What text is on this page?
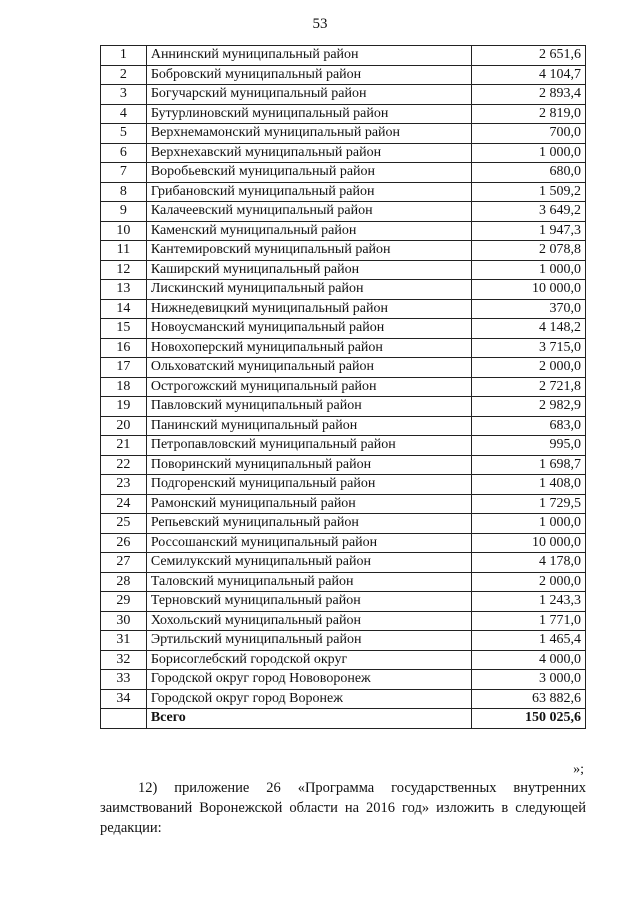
53
1	Аннинский муниципальный район	2 651,6
2	Бобровский муниципальный район	4 104,7
3	Богучарский муниципальный район	2 893,4
4	Бутурлиновский муниципальный район	2 819,0
5	Верхнемамонский муниципальный район	700,0
6	Верхнехавский муниципальный район	1 000,0
7	Воробьевский муниципальный район	680,0
8	Грибановский муниципальный район	1 509,2
9	Калачеевский муниципальный район	3 649,2
10	Каменский муниципальный район	1 947,3
11	Кантемировский муниципальный район	2 078,8
12	Каширский муниципальный район	1 000,0
13	Лискинский муниципальный район	10 000,0
14	Нижнедевицкий муниципальный район	370,0
15	Новоусманский муниципальный район	4 148,2
16	Новохоперский муниципальный район	3 715,0
17	Ольховатский муниципальный район	2 000,0
18	Острогожский муниципальный район	2 721,8
19	Павловский муниципальный район	2 982,9
20	Панинский муниципальный район	683,0
21	Петропавловский муниципальный район	995,0
22	Поворинский муниципальный район	1 698,7
23	Подгоренский муниципальный район	1 408,0
24	Рамонский муниципальный район	1 729,5
25	Репьевский муниципальный район	1 000,0
26	Россошанский муниципальный район	10 000,0
27	Семилукский муниципальный район	4 178,0
28	Таловский муниципальный район	2 000,0
29	Терновский муниципальный район	1 243,3
30	Хохольский муниципальный район	1 771,0
31	Эртильский муниципальный район	1 465,4
32	Борисоглебский городской округ	4 000,0
33	Городской округ город Нововоронеж	3 000,0
34	Городской округ город Воронеж	63 882,6
	Всего	150 025,6
»;
12) приложение 26 «Программа государственных внутренних заимствований Воронежской области на 2016 год» изложить в следующей редакции:
